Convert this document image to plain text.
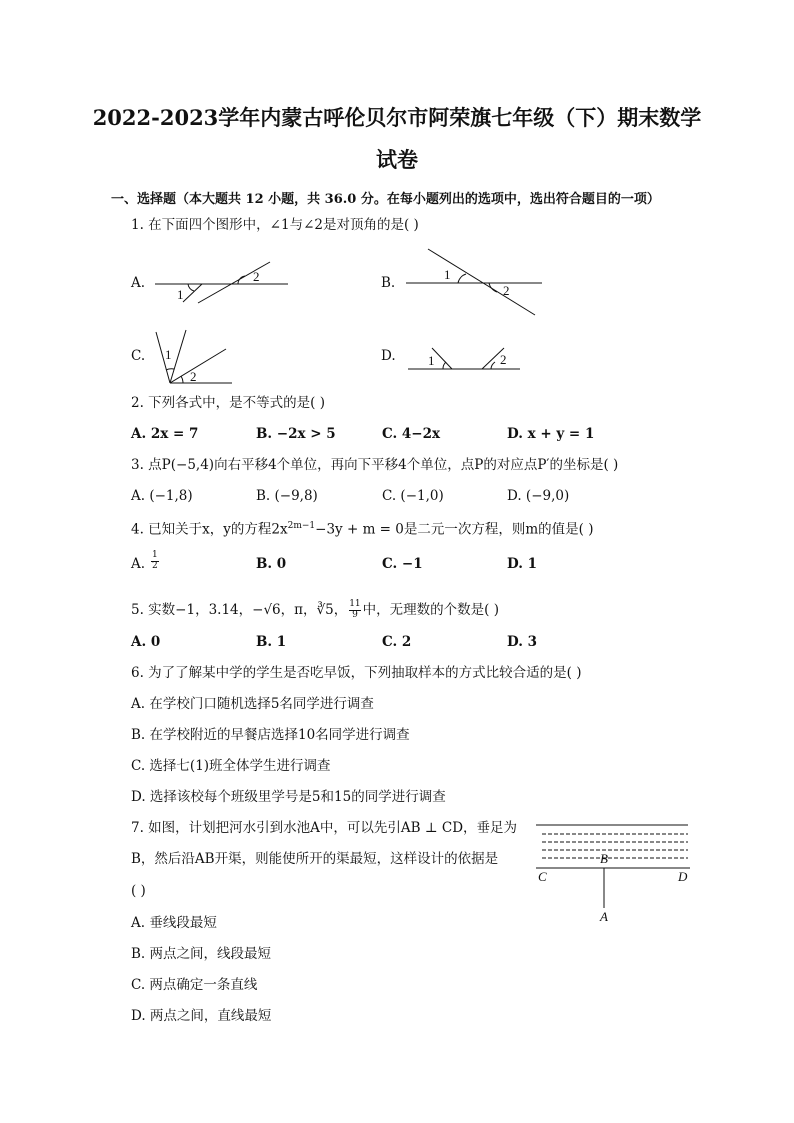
2022-2023学年内蒙古呼伦贝尔市阿荣旗七年级（下）期末数学
试卷
一、选择题（本大题共 12 小题，共 36.0 分。在每小题列出的选项中，选出符合题目的一项）
1. 在下面四个图形中，∠1与∠2是对顶角的是( )
A.	2
1
B.
1
2
C. 1
2
D. 1	2
2. 下列各式中，是不等式的是( )
A. 2x = 7	B. −2x > 5	C. 4−2x	D. x + y = 1
3. 点P(−5,4)向右平移4个单位，再向下平移4个单位，点P的对应点P′的坐标是( )
A. (−1,8)	B. (−9,8)	C. (−1,0)	D. (−9,0)
4. 已知关于x，y的方程$2x^{2m-1}-3y + m = 0$是二元一次方程，则m的值是( )
A. $\frac{1}{2}$	B. 0	C. −1	D. 1
5. 实数−1，3.14，−√6，π，∛5， $\frac{11}{9}$ 中，无理数的个数是( )
A. 0	B. 1	C. 2	D. 3
6. 为了了解某中学的学生是否吃早饭，下列抽取样本的方式比较合适的是( )
A. 在学校门口随机选择5名同学进行调查
B. 在学校附近的早餐店选择10名同学进行调查
C. 选择七(1)班全体学生进行调查
D. 选择该校每个班级里学号是5和15的同学进行调查
7. 如图，计划把河水引到水池A中，可以先引AB ⊥ CD，垂足为
B，然后沿AB开渠，则能使所开的渠最短，这样设计的依据是
( )
B
C	D
A
A. 垂线段最短
B. 两点之间，线段最短
C. 两点确定一条直线
D. 两点之间，直线最短
